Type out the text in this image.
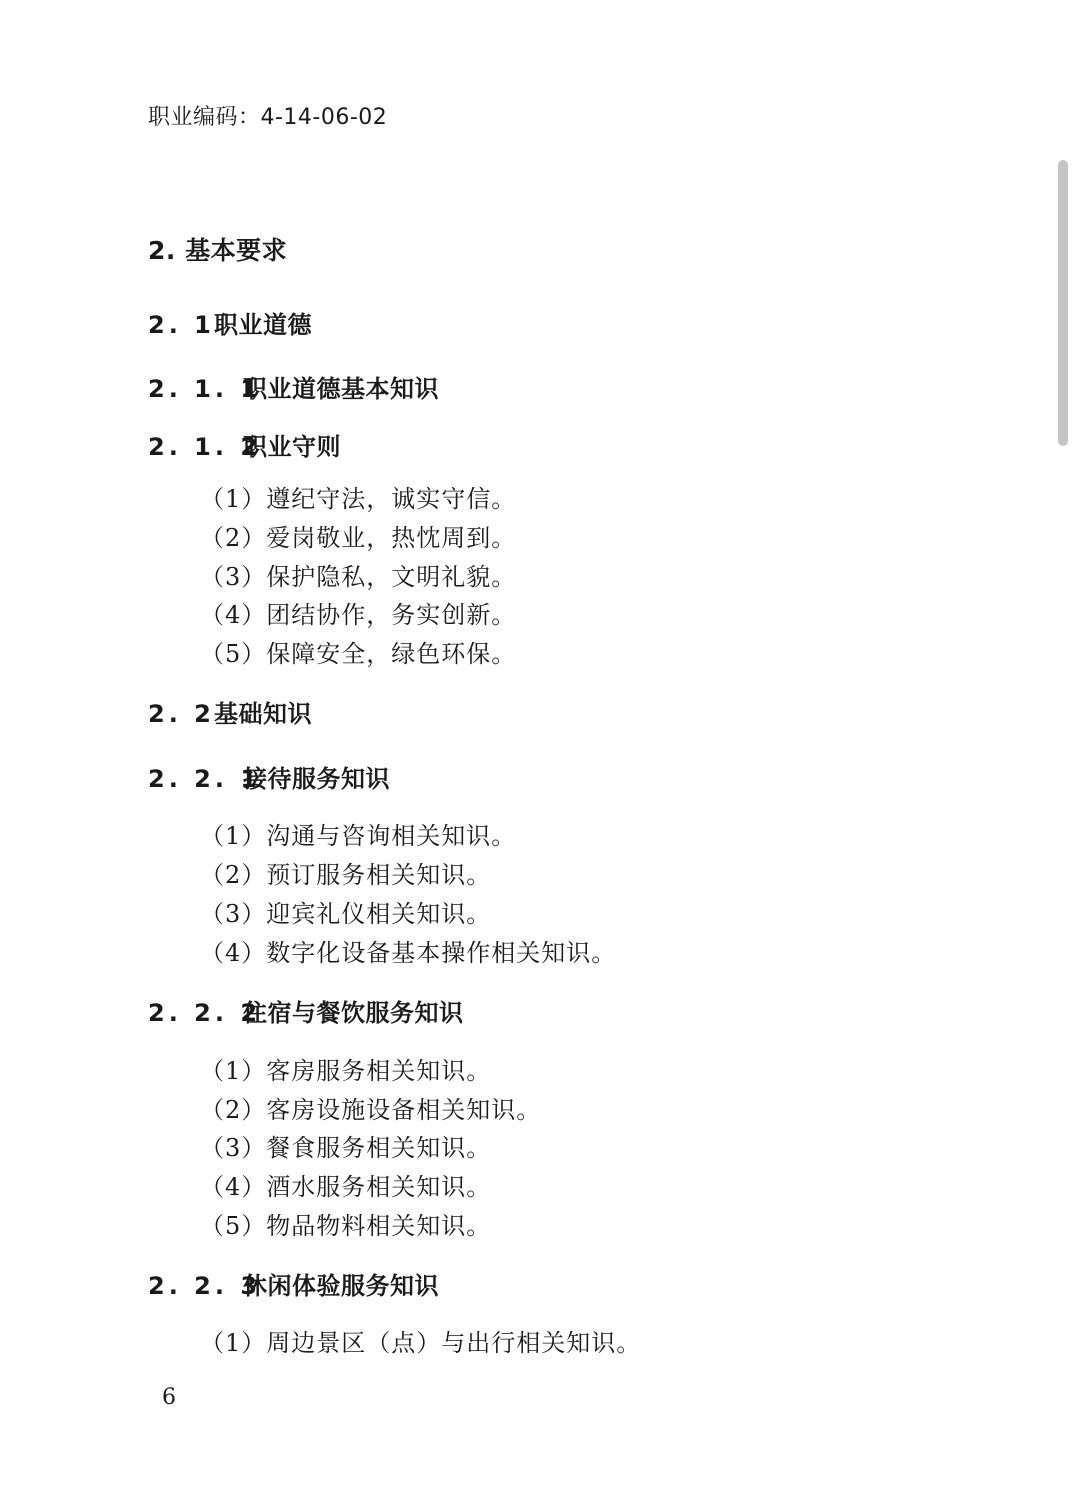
职业编码：4-14-06-02
2. 基本要求
2. 1职业道德
2. 1. 1职业道德基本知识
2. 1. 2职业守则
（1）遵纪守法，诚实守信。
（2）爱岗敬业，热忱周到。
（3）保护隐私，文明礼貌。
（4）团结协作，务实创新。
（5）保障安全，绿色环保。
2. 2基础知识
2. 2. 1接待服务知识
（1）沟通与咨询相关知识。
（2）预订服务相关知识。
（3）迎宾礼仪相关知识。
（4）数字化设备基本操作相关知识。
2. 2. 2住宿与餐饮服务知识
（1）客房服务相关知识。
（2）客房设施设备相关知识。
（3）餐食服务相关知识。
（4）酒水服务相关知识。
（5）物品物料相关知识。
2. 2. 3休闲体验服务知识
（1）周边景区（点）与出行相关知识。
6
